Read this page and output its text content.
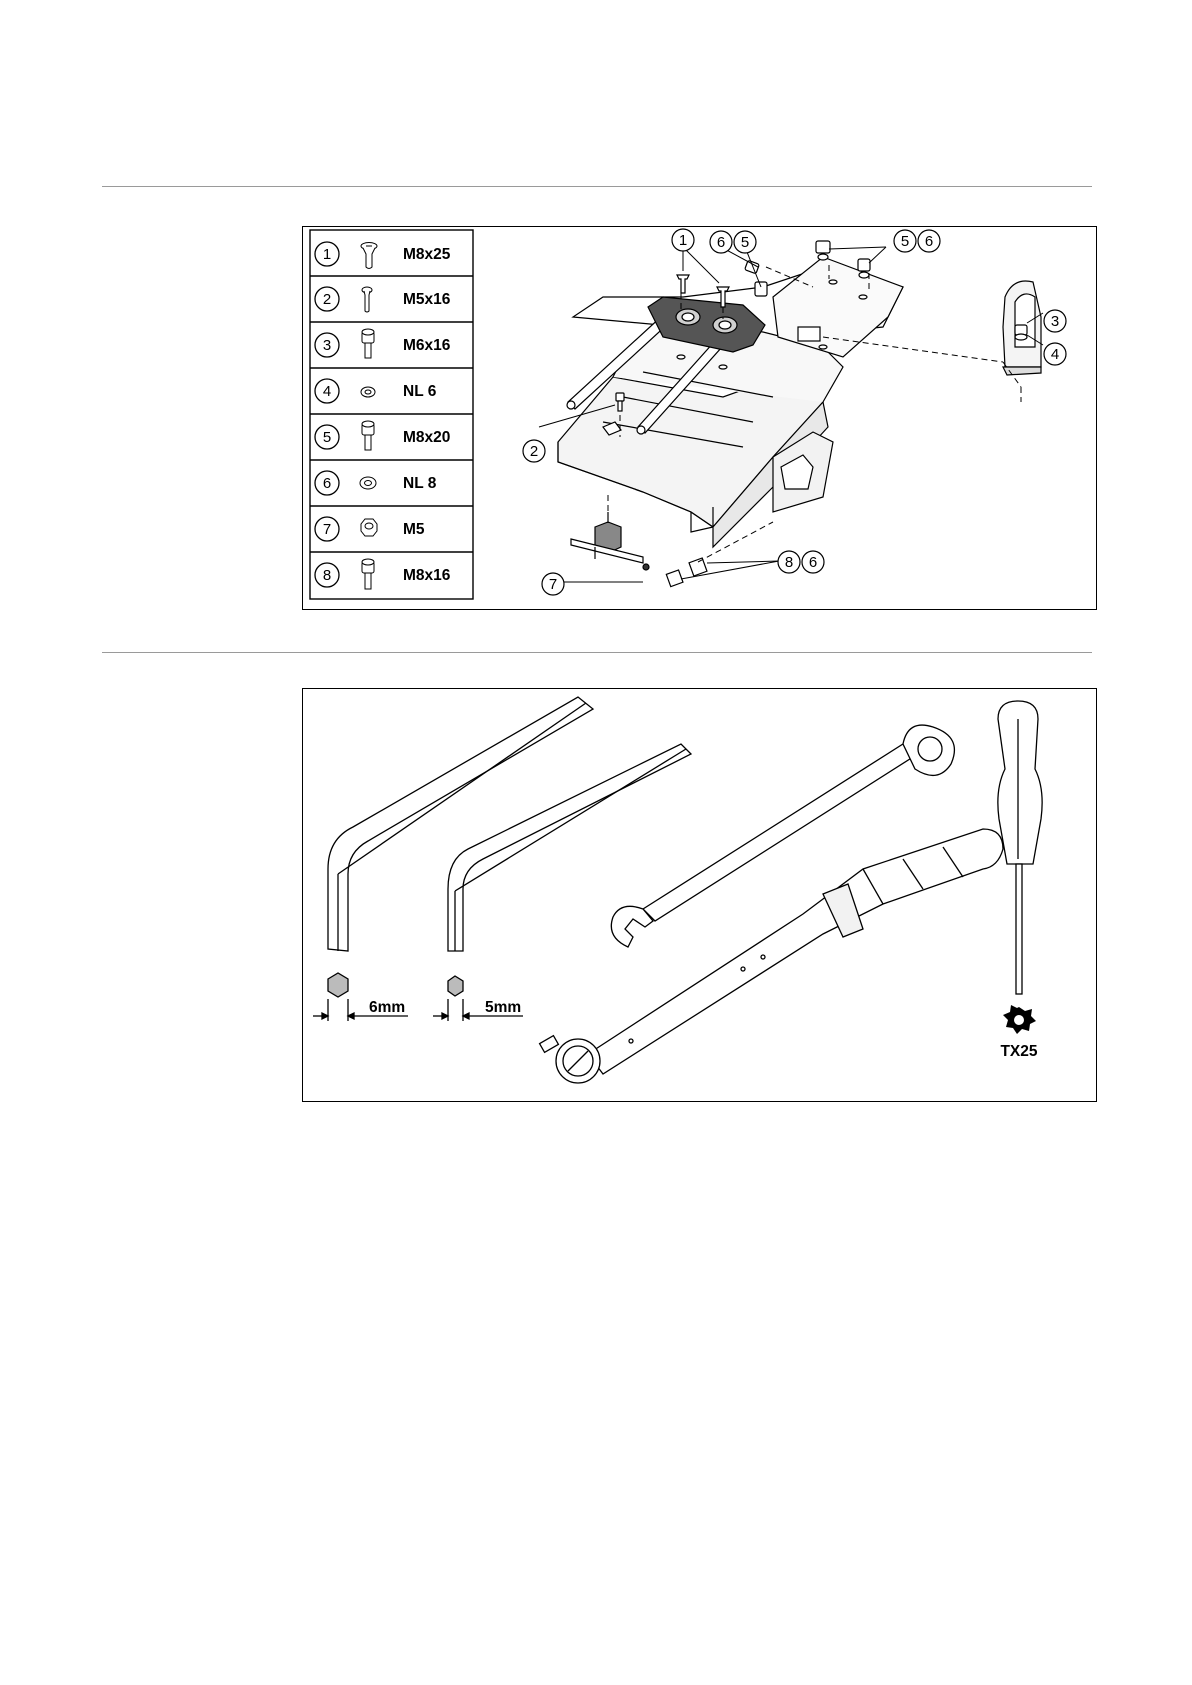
1	M8x25
2	M5x16
3	M6x16
4	NL 6
5	M8x20
6	NL 8
7	M5
8	M8x16
1 6 5	5 6
3
4
2
7
8 6
6mm	5mm
TX25
